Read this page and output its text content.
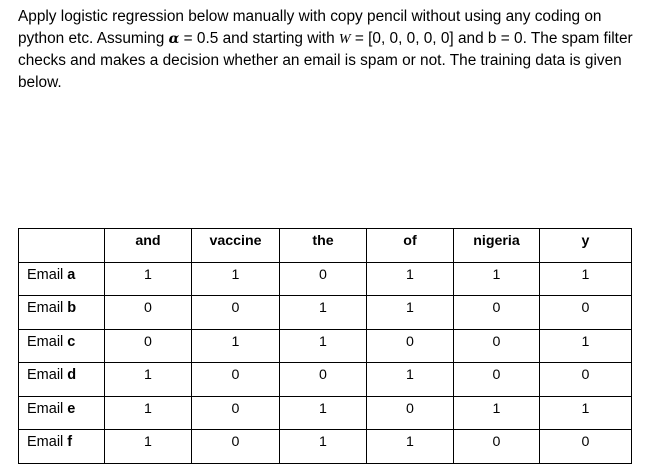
Apply logistic regression below manually with copy pencil without using any coding on python etc. Assuming α = 0.5 and starting with W = [0, 0, 0, 0, 0] and b = 0. The spam filter checks and makes a decision whether an email is spam or not. The training data is given below.

	and	vaccine	the	of	nigeria	y
Email a	1	1	0	1	1	1
Email b	0	0	1	1	0	0
Email c	0	1	1	0	0	1
Email d	1	0	0	1	0	0
Email e	1	0	1	0	1	1
Email f	1	0	1	1	0	0
